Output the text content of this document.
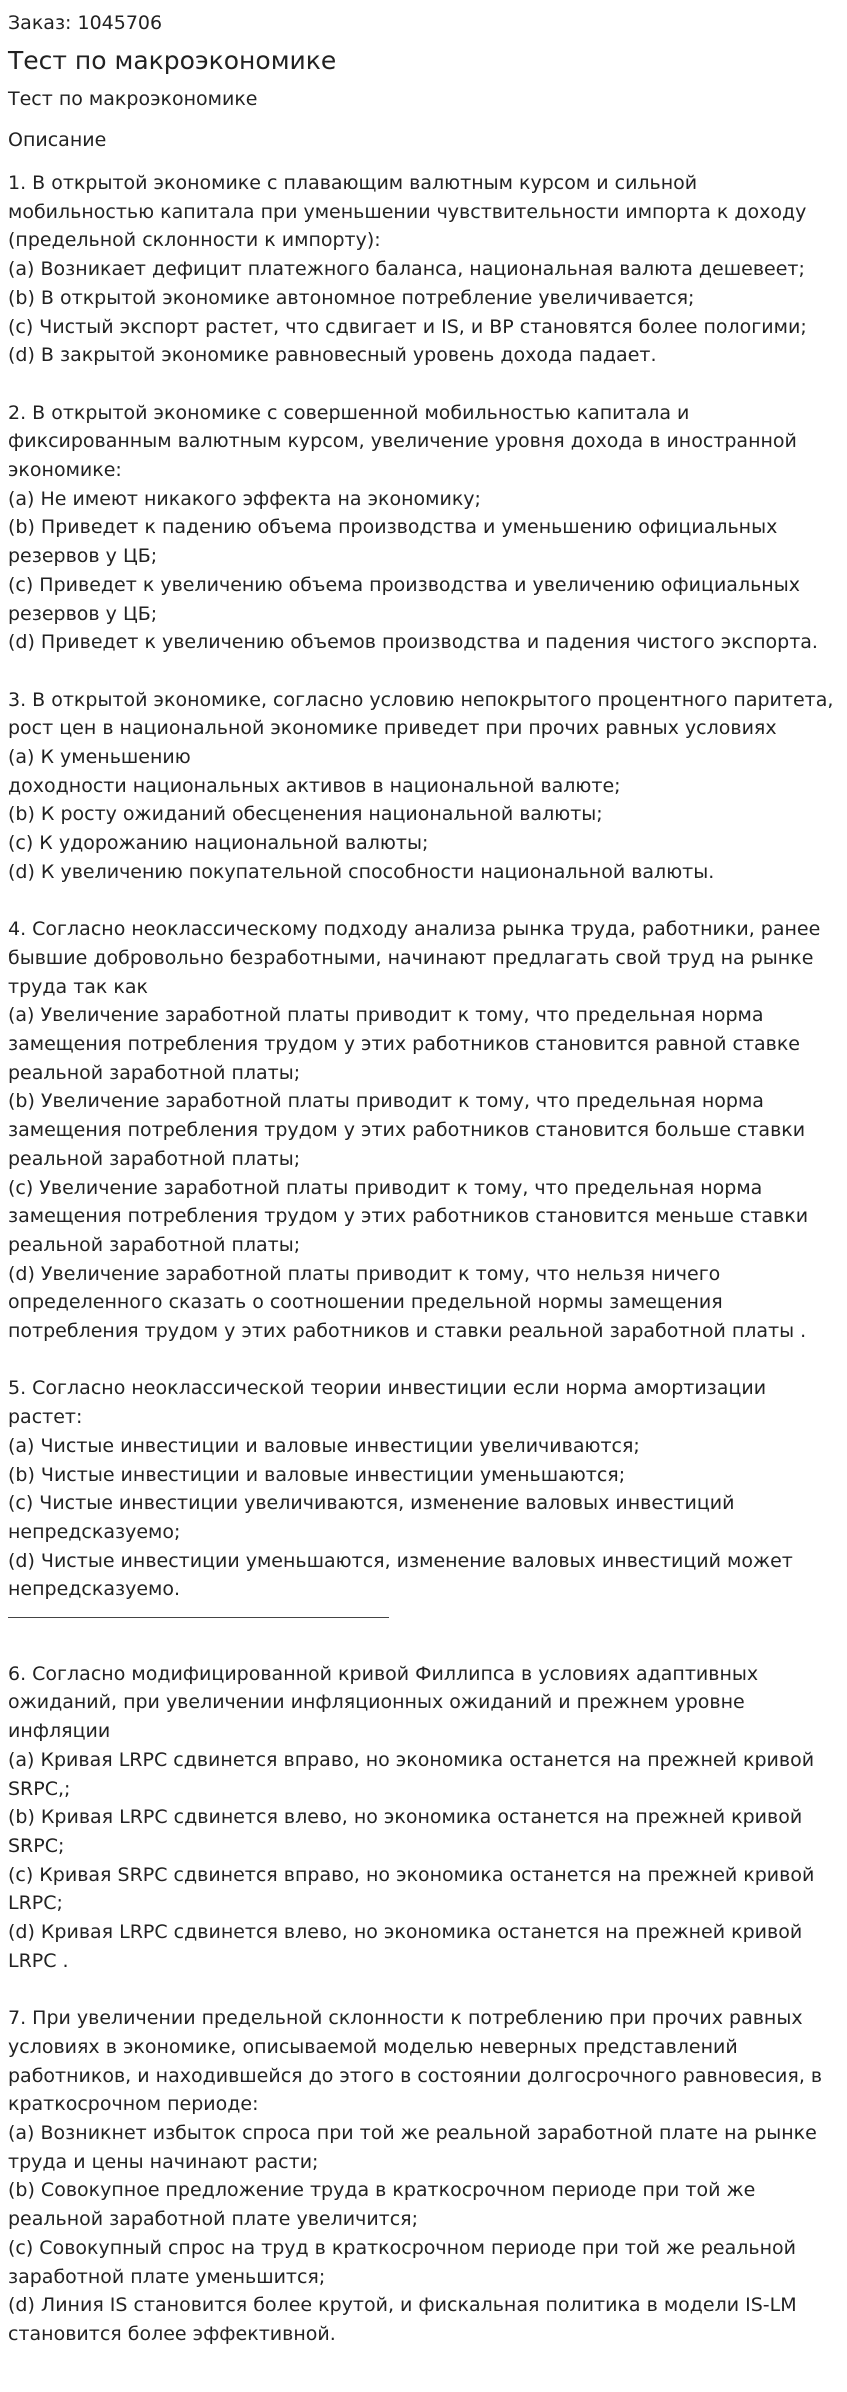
Заказ: 1045706
Тест по макроэкономике
Тест по макроэкономике
Описание
1. В открытой экономике с плавающим валютным курсом и сильной
мобильностью капитала при уменьшении чувствительности импорта к доходу
(предельной склонности к импорту):
(a) Возникает дефицит платежного баланса, национальная валюта дешевеет;
(b) В открытой экономике автономное потребление увеличивается;
(c) Чистый экспорт растет, что сдвигает и IS, и BP становятся более пологими;
(d) В закрытой экономике равновесный уровень дохода падает.
2. В открытой экономике с совершенной мобильностью капитала и
фиксированным валютным курсом, увеличение уровня дохода в иностранной
экономике:
(a) Не имеют никакого эффекта на экономику;
(b) Приведет к падению объема производства и уменьшению официальных
резервов у ЦБ;
(c) Приведет к увеличению объема производства и увеличению официальных
резервов у ЦБ;
(d) Приведет к увеличению объемов производства и падения чистого экспорта.
3. В открытой экономике, согласно условию непокрытого процентного паритета,
рост цен в национальной экономике приведет при прочих равных условиях
(a) К уменьшению
доходности национальных активов в национальной валюте;
(b) К росту ожиданий обесценения национальной валюты;
(c) К удорожанию национальной валюты;
(d) К увеличению покупательной способности национальной валюты.
4. Согласно неоклассическому подходу анализа рынка труда, работники, ранее
бывшие добровольно безработными, начинают предлагать свой труд на рынке
труда так как
(a) Увеличение заработной платы приводит к тому, что предельная норма
замещения потребления трудом у этих работников становится равной ставке
реальной заработной платы;
(b) Увеличение заработной платы приводит к тому, что предельная норма
замещения потребления трудом у этих работников становится больше ставки
реальной заработной платы;
(c) Увеличение заработной платы приводит к тому, что предельная норма
замещения потребления трудом у этих работников становится меньше ставки
реальной заработной платы;
(d) Увеличение заработной платы приводит к тому, что нельзя ничего
определенного сказать о соотношении предельной нормы замещения
потребления трудом у этих работников и ставки реальной заработной платы .
5. Согласно неоклассической теории инвестиции если норма амортизации
растет:
(a) Чистые инвестиции и валовые инвестиции увеличиваются;
(b) Чистые инвестиции и валовые инвестиции уменьшаются;
(c) Чистые инвестиции увеличиваются, изменение валовых инвестиций
непредсказуемо;
(d) Чистые инвестиции уменьшаются, изменение валовых инвестиций может
непредсказуемо.
6. Согласно модифицированной кривой Филлипса в условиях адаптивных
ожиданий, при увеличении инфляционных ожиданий и прежнем уровне
инфляции
(a) Кривая LRPC сдвинется вправо, но экономика останется на прежней кривой
SRPC,;
(b) Кривая LRPC сдвинется влево, но экономика останется на прежней кривой
SRPC;
(c) Кривая SRPC сдвинется вправо, но экономика останется на прежней кривой
LRPC;
(d) Кривая LRPC сдвинется влево, но экономика останется на прежней кривой
LRPC .
7. При увеличении предельной склонности к потреблению при прочих равных
условиях в экономике, описываемой моделью неверных представлений
работников, и находившейся до этого в состоянии долгосрочного равновесия, в
краткосрочном периоде:
(a) Возникнет избыток спроса при той же реальной заработной плате на рынке
труда и цены начинают расти;
(b) Совокупное предложение труда в краткосрочном периоде при той же
реальной заработной плате увеличится;
(c) Совокупный спрос на труд в краткосрочном периоде при той же реальной
заработной плате уменьшится;
(d) Линия IS становится более крутой, и фискальная политика в модели IS-LM
становится более эффективной.
